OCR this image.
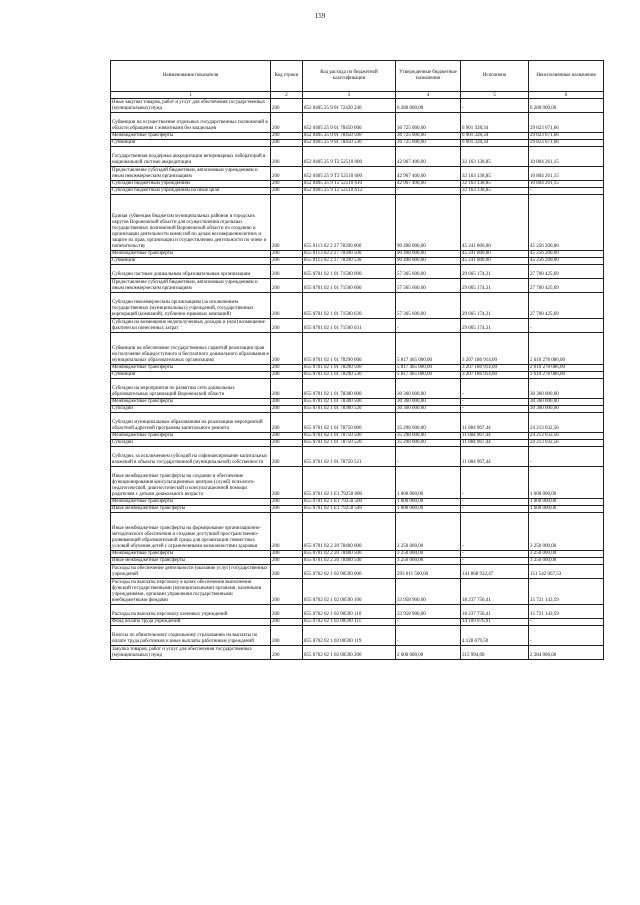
159
Наименование показателя	Код строки	Код расхода по бюджетной классификации	Утвержденные бюджетные назначения	Исполнено	Неисполненные назначения
1	2	3	4	5	6
Иные закупки товаров, работ и услуг для обеспечения государственных (муниципальных) нужд	200	852 0405 25 9 01 72420 240	6 280 000,00	-	6 280 000,00
Субвенции на осуществление отдельных государственных полномочий в области обращения с животными без владельцев	200	852 0405 25 9 01 78450 000	36 725 000,00	6 901 328,34	29 823 671,66
Межбюджетные трансферты	200	852 0405 25 9 01 78450 500	36 725 000,00	6 901 328,34	29 823 671,66
Субвенции	200	852 0405 25 9 01 78450 530	36 725 000,00	6 901 328,34	29 823 671,66
Государственная поддержка аккредитации ветеринарных лабораторий в национальной системе аккредитации	200	852 0405 25 9 T2 52510 000	42 967 400,00	32 163 138,85	10 804 261,15
Предоставление субсидий бюджетным, автономным учреждениям и иным некоммерческим организациям	200	852 0405 25 9 T2 52510 600	42 967 400,00	32 163 138,85	10 804 261,15
Субсидии бюджетным учреждениям	200	852 0405 25 9 T2 52510 610	42 967 400,00	32 163 138,85	10 804 261,15
Субсидии бюджетным учреждениям на иные цели	200	852 0405 25 9 T2 52510 612	-	32 163 138,85	-
Единая субвенция бюджетам муниципальных районов и городских округов Воронежской области для осуществления отдельных государственных полномочий Воронежской области по созданию и организации деятельности комиссий по делам несовершеннолетних и защите их прав, организации и осуществлению деятельности по опеке и попечительству	200	855 0113 02 2 27 78390 000	90 498 000,00	45 241 800,00	45 256 200,00
Межбюджетные трансферты	200	855 0113 02 2 27 78390 500	90 498 000,00	45 241 800,00	45 256 200,00
Субвенции	200	855 0113 02 2 27 78390 530	90 498 000,00	45 241 800,00	45 256 200,00
Субсидии частным дошкольным образовательным организациям	200	855 0701 02 1 01 71500 000	57 365 600,00	29 665 174,31	27 700 425,69
Предоставление субсидий бюджетным, автономным учреждениям и иным некоммерческим организациям	200	855 0701 02 1 01 71500 600	57 365 600,00	29 665 174,31	27 700 425,69
Субсидии некоммерческим организациям (за исключением государственных (муниципальных) учреждений, государственных корпораций (компаний), публично-правовых компаний)	200	855 0701 02 1 01 71500 630	57 365 600,00	29 665 174,31	27 700 425,69
Субсидии на возмещение недополученных доходов и (или) возмещение фактически понесенных затрат	200	855 0701 02 1 01 71500 631	-	29 665 174,31	-
Субвенции на обеспечение государственных гарантий реализации прав на получение общедоступного и бесплатного дошкольного образования в муниципальных образовательных организациях	200	855 0701 02 1 01 78290 000	5 817 465 000,00	3 207 186 914,00	2 610 278 086,00
Межбюджетные трансферты	200	855 0701 02 1 01 78290 500	5 817 465 000,00	3 207 186 914,00	2 610 278 086,00
Субвенции	200	855 0701 02 1 01 78290 530	5 817 465 000,00	3 207 186 914,00	2 610 278 086,00
Субсидии на мероприятия по развитию сети дошкольных образовательных организаций Воронежской области	200	855 0701 02 1 01 78300 000	30 360 000,00	-	30 360 000,00
Межбюджетные трансферты	200	855 0701 02 1 01 78300 500	30 360 000,00	-	30 360 000,00
Субсидии	200	855 0701 02 1 01 78300 520	30 360 000,00	-	30 360 000,00
Субсидии муниципальным образованиям на реализацию мероприятий областной адресной программы капитального ремонта	200	855 0701 02 1 01 78750 000	35 298 000,00	11 084 967,44	24 213 032,56
Межбюджетные трансферты	200	855 0701 02 1 01 78750 500	35 298 000,00	11 084 967,44	24 213 032,56
Субсидии	200	855 0701 02 1 01 78750 520	35 298 000,00	11 084 967,44	24 213 032,56
Субсидии, за исключением субсидий на софинансирование капитальных вложений в объекты государственной (муниципальной) собственности	200	855 0701 02 1 01 78750 521	-	11 084 967,44	-
Иные межбюджетные трансферты на создание и обеспечение функционирования консультационных центров (служб) психолого-педагогической, диагностической и консультационной помощи родителям с детьми дошкольного возраста	200	855 0701 02 1 E1 79250 000	1 000 000,00	-	1 000 000,00
Межбюджетные трансферты	200	855 0701 02 1 E1 79250 500	1 000 000,00	-	1 000 000,00
Иные межбюджетные трансферты	200	855 0701 02 1 E1 79250 540	1 000 000,00	-	1 000 000,00
Иные межбюджетные трансферты на формирование организационно-методического обеспечения и создание доступной пространственно-развивающей образовательной среды для организации совместных условий обучения детей с ограниченными возможностями здоровья	200	855 0701 02 2 20 78400 000	3 250 000,00	-	3 250 000,00
Межбюджетные трансферты	200	855 0701 02 2 20 78400 500	3 250 000,00	-	3 250 000,00
Иные межбюджетные трансферты	200	855 0701 02 2 20 78400 540	3 250 000,00	-	3 250 000,00
Расходы на обеспечение деятельности (оказание услуг) государственных учреждений	200	855 0702 02 1 02 00590 000	293 011 500,00	141 868 932,47	151 542 067,53
Расходы на выплаты персоналу в целях обеспечения выполнения функций государственными (муниципальными) органами, казенными учреждениями, органами управления государственными внебюджетными фондами	200	855 0702 02 1 02 00590 100	33 958 900,00	18 237 756,41	15 721 143,59
Расходы на выплаты персоналу казенных учреждений	200	855 0702 02 1 02 00590 110	33 958 900,00	18 237 756,41	15 721 143,59
Фонд оплаты труда учреждений	200	855 0702 02 1 02 00590 111	-	14 109 076,91	-
Взносы по обязательному социальному страхованию на выплаты по оплате труда работников и иные выплаты работникам учреждений	200	855 0702 02 1 02 00590 119	-	4 128 679,50	-
Закупка товаров, работ и услуг для обеспечения государственных (муниципальных) нужд	200	855 0702 02 1 02 00590 200	2 600 000,00	315 994,00	2 284 006,00
